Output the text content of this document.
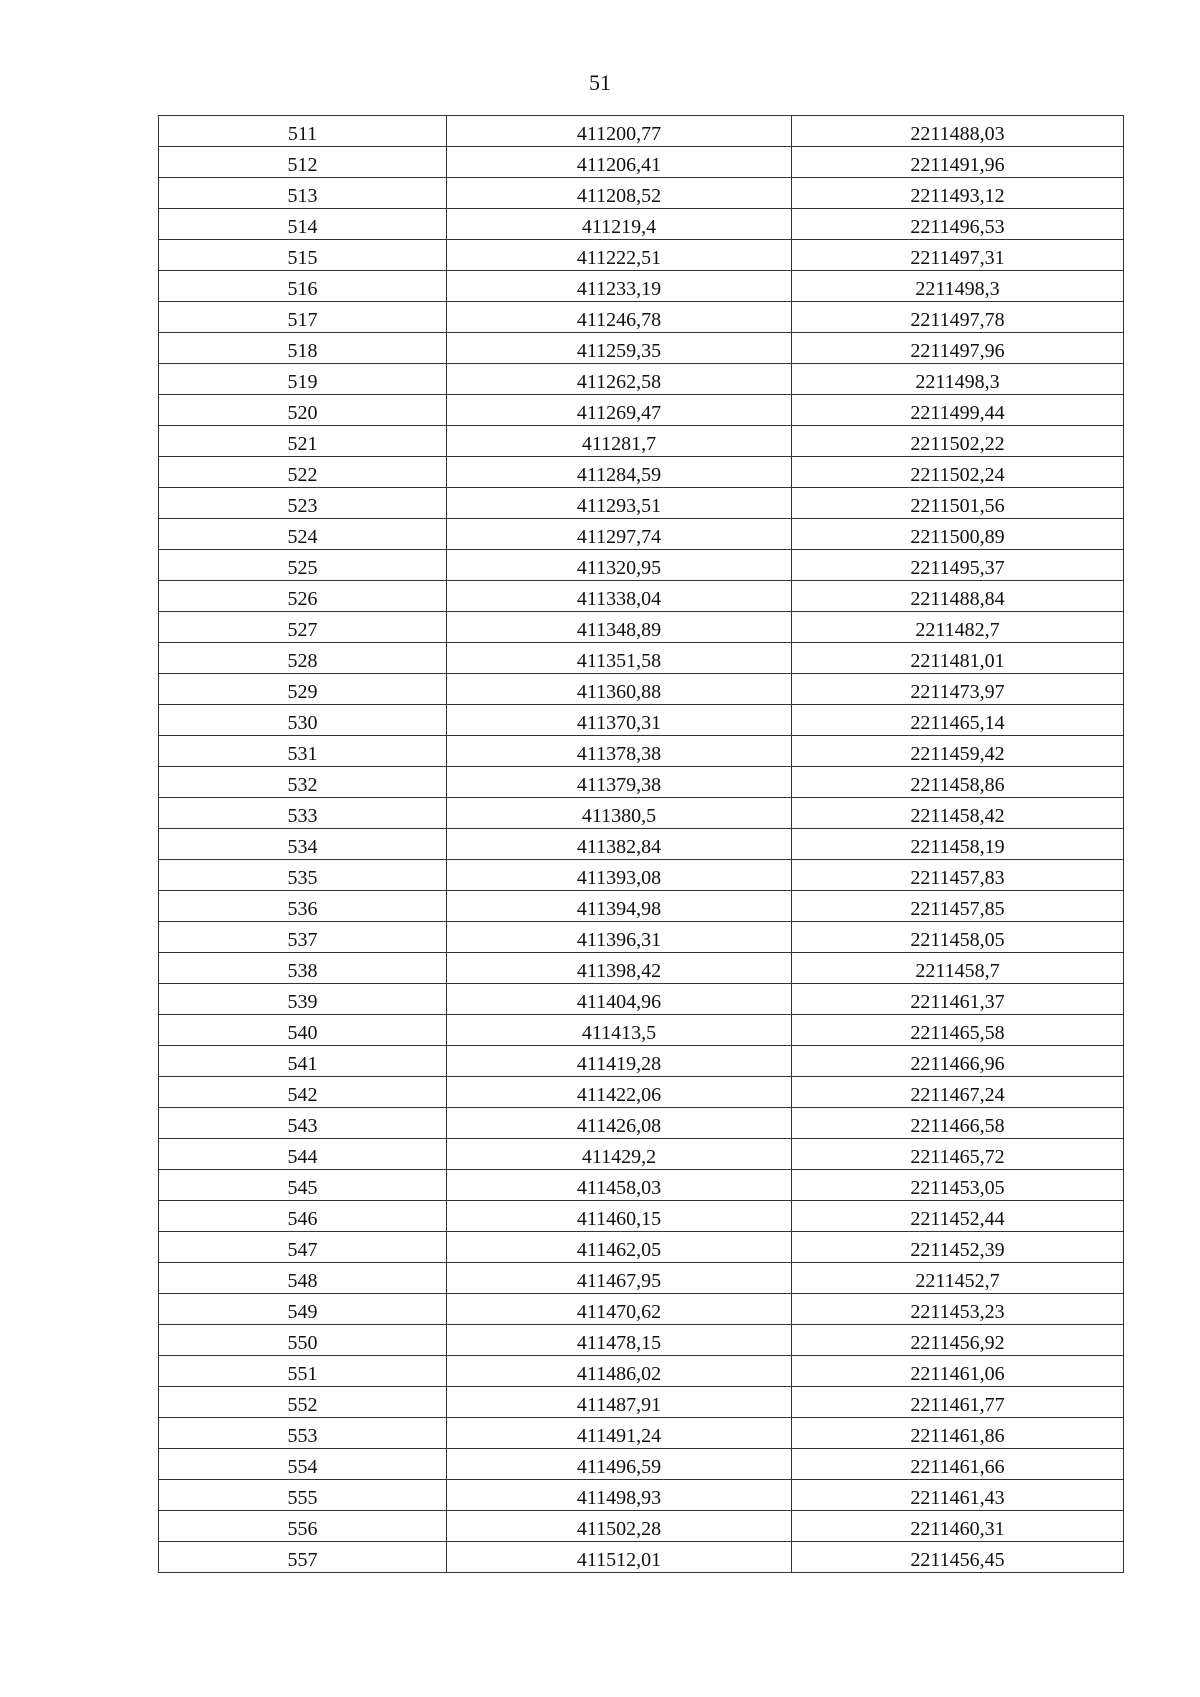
51
511	411200,77	2211488,03
512	411206,41	2211491,96
513	411208,52	2211493,12
514	411219,4	2211496,53
515	411222,51	2211497,31
516	411233,19	2211498,3
517	411246,78	2211497,78
518	411259,35	2211497,96
519	411262,58	2211498,3
520	411269,47	2211499,44
521	411281,7	2211502,22
522	411284,59	2211502,24
523	411293,51	2211501,56
524	411297,74	2211500,89
525	411320,95	2211495,37
526	411338,04	2211488,84
527	411348,89	2211482,7
528	411351,58	2211481,01
529	411360,88	2211473,97
530	411370,31	2211465,14
531	411378,38	2211459,42
532	411379,38	2211458,86
533	411380,5	2211458,42
534	411382,84	2211458,19
535	411393,08	2211457,83
536	411394,98	2211457,85
537	411396,31	2211458,05
538	411398,42	2211458,7
539	411404,96	2211461,37
540	411413,5	2211465,58
541	411419,28	2211466,96
542	411422,06	2211467,24
543	411426,08	2211466,58
544	411429,2	2211465,72
545	411458,03	2211453,05
546	411460,15	2211452,44
547	411462,05	2211452,39
548	411467,95	2211452,7
549	411470,62	2211453,23
550	411478,15	2211456,92
551	411486,02	2211461,06
552	411487,91	2211461,77
553	411491,24	2211461,86
554	411496,59	2211461,66
555	411498,93	2211461,43
556	411502,28	2211460,31
557	411512,01	2211456,45
